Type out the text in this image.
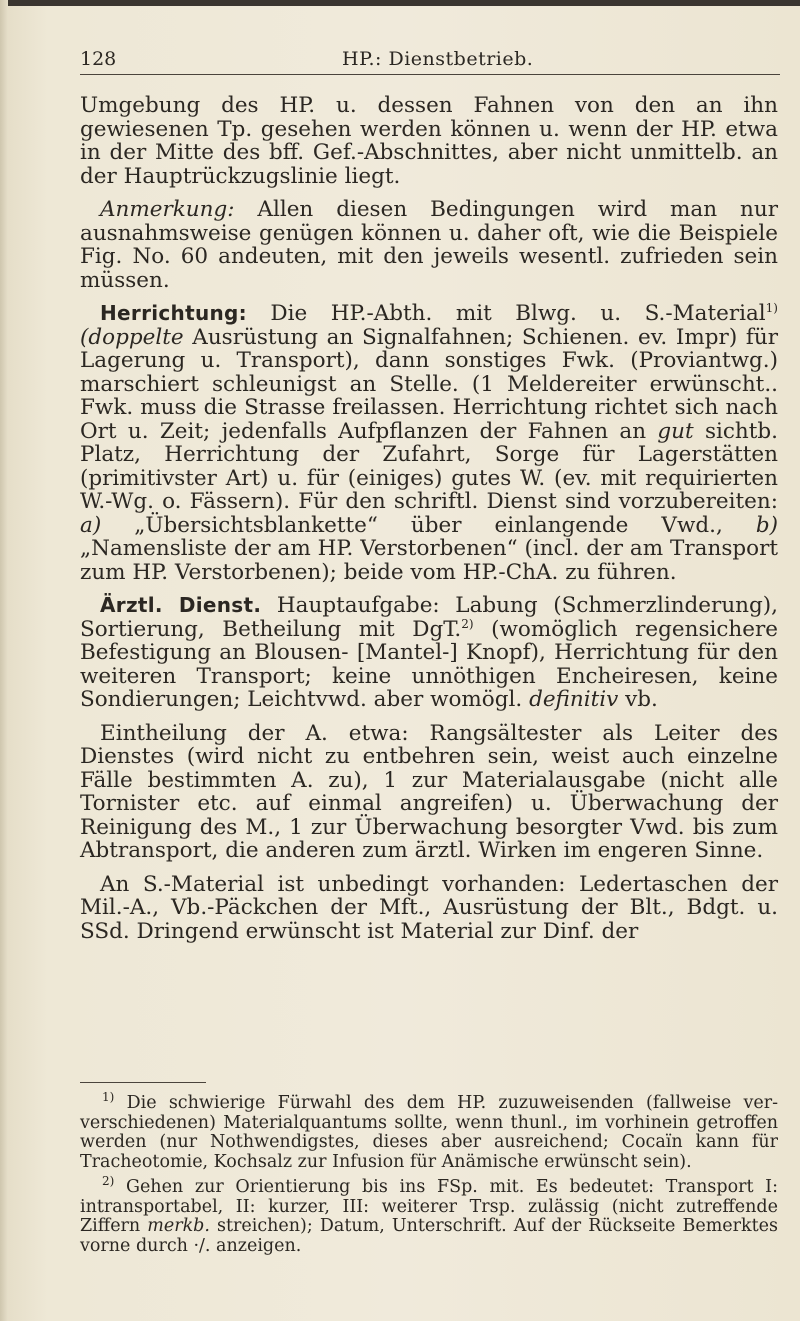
128	HP.: Dienstbetrieb.

Umgebung des HP. u. dessen Fahnen von den an ihn gewiesenen Tp. gesehen werden können u. wenn der HP. etwa in der Mitte des bff. Gef.-Abschnittes, aber nicht unmittelb. an der Hauptrückzugslinie liegt.

Anmerkung: Allen diesen Bedingungen wird man nur ausnahmsweise genügen können u. daher oft, wie die Beispiele Fig. No. 60 andeuten, mit den jeweils wesentl. zufrieden sein müssen.

Herrichtung: Die HP.-Abth. mit Blwg. u. S.-Material$^{1)}$ (doppelte Ausrüstung an Signalfahnen; Schienen. ev. Impr) für Lagerung u. Transport), dann sonstiges Fwk. (Proviantwg.) marschiert schleunigst an Stelle. (1 Meldereiter erwünscht.. Fwk. muss die Strasse freilassen. Herrichtung richtet sich nach Ort u. Zeit; jedenfalls Aufpflanzen der Fahnen an gut sichtb. Platz, Herrichtung der Zufahrt, Sorge für Lagerstätten (primitivster Art) u. für (einiges) gutes W. (ev. mit requirierten W.-Wg. o. Fässern). Für den schriftl. Dienst sind vorzubereiten: a) „Übersichtsblankette“ über einlangende Vwd., b) „Namensliste der am HP. Verstorbenen“ (incl. der am Transport zum HP. Verstorbenen); beide vom HP.-ChA. zu führen.

Ärztl. Dienst. Hauptaufgabe: Labung (Schmerzlinderung), Sortierung, Betheilung mit DgT.$^{2)}$ (womöglich regensichere Befestigung an Blousen- [Mantel-] Knopf), Herrichtung für den weiteren Transport; keine unnöthigen Encheiresen, keine Sondierungen; Leichtvwd. aber womögl. definitiv vb.

Eintheilung der A. etwa: Rangsältester als Leiter des Dienstes (wird nicht zu entbehren sein, weist auch einzelne Fälle bestimmten A. zu), 1 zur Materialausgabe (nicht alle Tornister etc. auf einmal angreifen) u. Überwachung der Reinigung des M., 1 zur Überwachung besorgter Vwd. bis zum Abtransport, die anderen zum ärztl. Wirken im engeren Sinne.

An S.-Material ist unbedingt vorhanden: Ledertaschen der Mil.-A., Vb.-Päckchen der Mft., Ausrüstung der Blt., Bdgt. u. SSd. Dringend erwünscht ist Material zur Dinf. der

$^{1)}$ Die schwierige Fürwahl des dem HP. zuzuweisenden (fallweise ver-verschiedenen) Materialquantums sollte, wenn thunl., im vorhinein getroffen werden (nur Nothwendigstes, dieses aber ausreichend; Cocaïn kann für Tracheotomie, Kochsalz zur Infusion für Anämische erwünscht sein).

$^{2)}$ Gehen zur Orientierung bis ins FSp. mit. Es bedeutet: Transport I: intransportabel, II: kurzer, III: weiterer Trsp. zulässig (nicht zutreffende Ziffern merkb. streichen); Datum, Unterschrift. Auf der Rückseite Bemerktes vorne durch ·/. anzeigen.
